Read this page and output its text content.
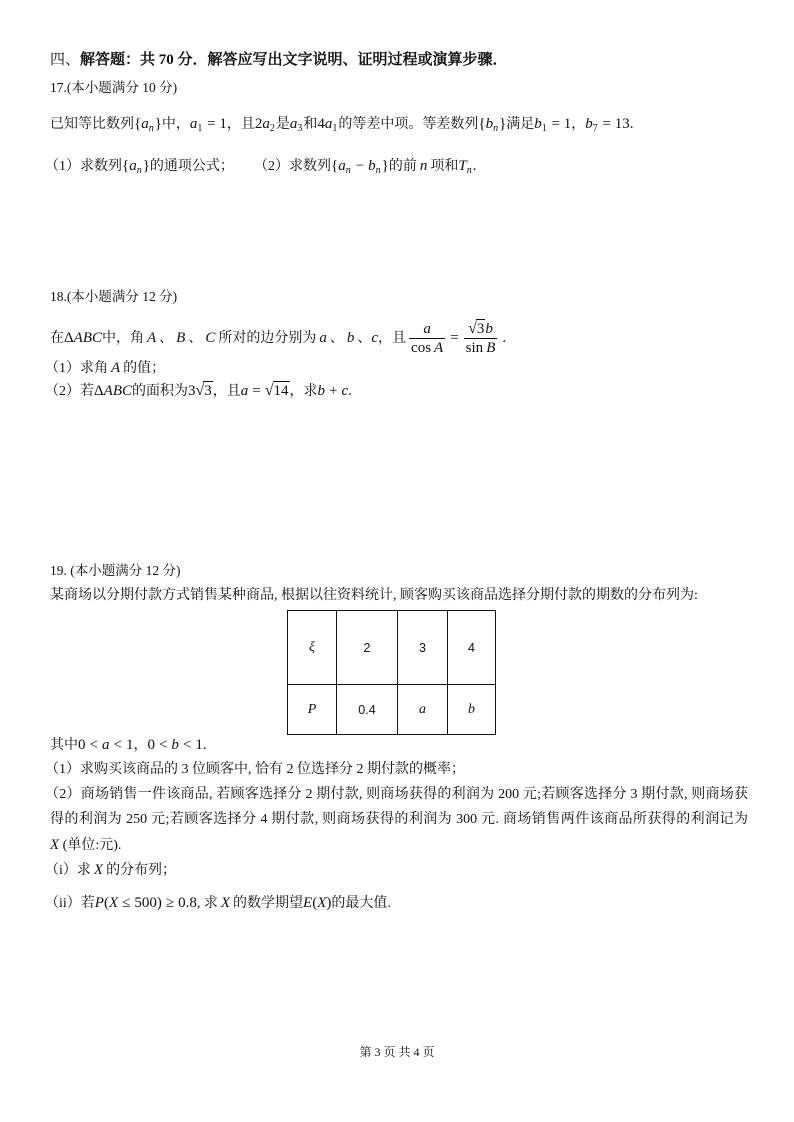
四、解答题：共 70 分．解答应写出文字说明、证明过程或演算步骤．
17.(本小题满分 10 分)
已知等比数列$\{a_n\}$中，$a_1 = 1$，且$2a_2$是$a_3$和$4a_1$的等差中项。等差数列$\{b_n\}$满足$b_1 = 1$，$b_7 = 13$.
（1）求数列$\{a_n\}$的通项公式； （2）求数列$\{a_n - b_n\}$的前 n 项和$T_n$.
18.(本小题满分 12 分)
在ΔABC中，角 A 、 B 、 C 所对的边分别为 a 、 b 、c，且 $\frac{a}{\text{cos A}} = \frac{√3b}{\text{sin B}}$ .
（1）求角 A 的值；
（2）若ΔABC的面积为3√3，且a = √14，求b + c.
19. (本小题满分 12 分)
某商场以分期付款方式销售某种商品, 根据以往资料统计, 顾客购买该商品选择分期付款的期数的分布列为:
ξ	2	3	4
P	0.4	a	b
其中0 < a < 1，0 < b < 1.
（1）求购买该商品的 3 位顾客中, 恰有 2 位选择分 2 期付款的概率；
（2）商场销售一件该商品, 若顾客选择分 2 期付款, 则商场获得的利润为 200 元;若顾客选择分 3 期付款, 则商场获
得的利润为 250 元;若顾客选择分 4 期付款, 则商场获得的利润为 300 元. 商场销售两件该商品所获得的利润记为
X (单位:元).
（i）求 X 的分布列；
（ii）若P(X ≤ 500) ≥ 0.8, 求 X 的数学期望E(X)的最大值.
第 3 页 共 4 页
